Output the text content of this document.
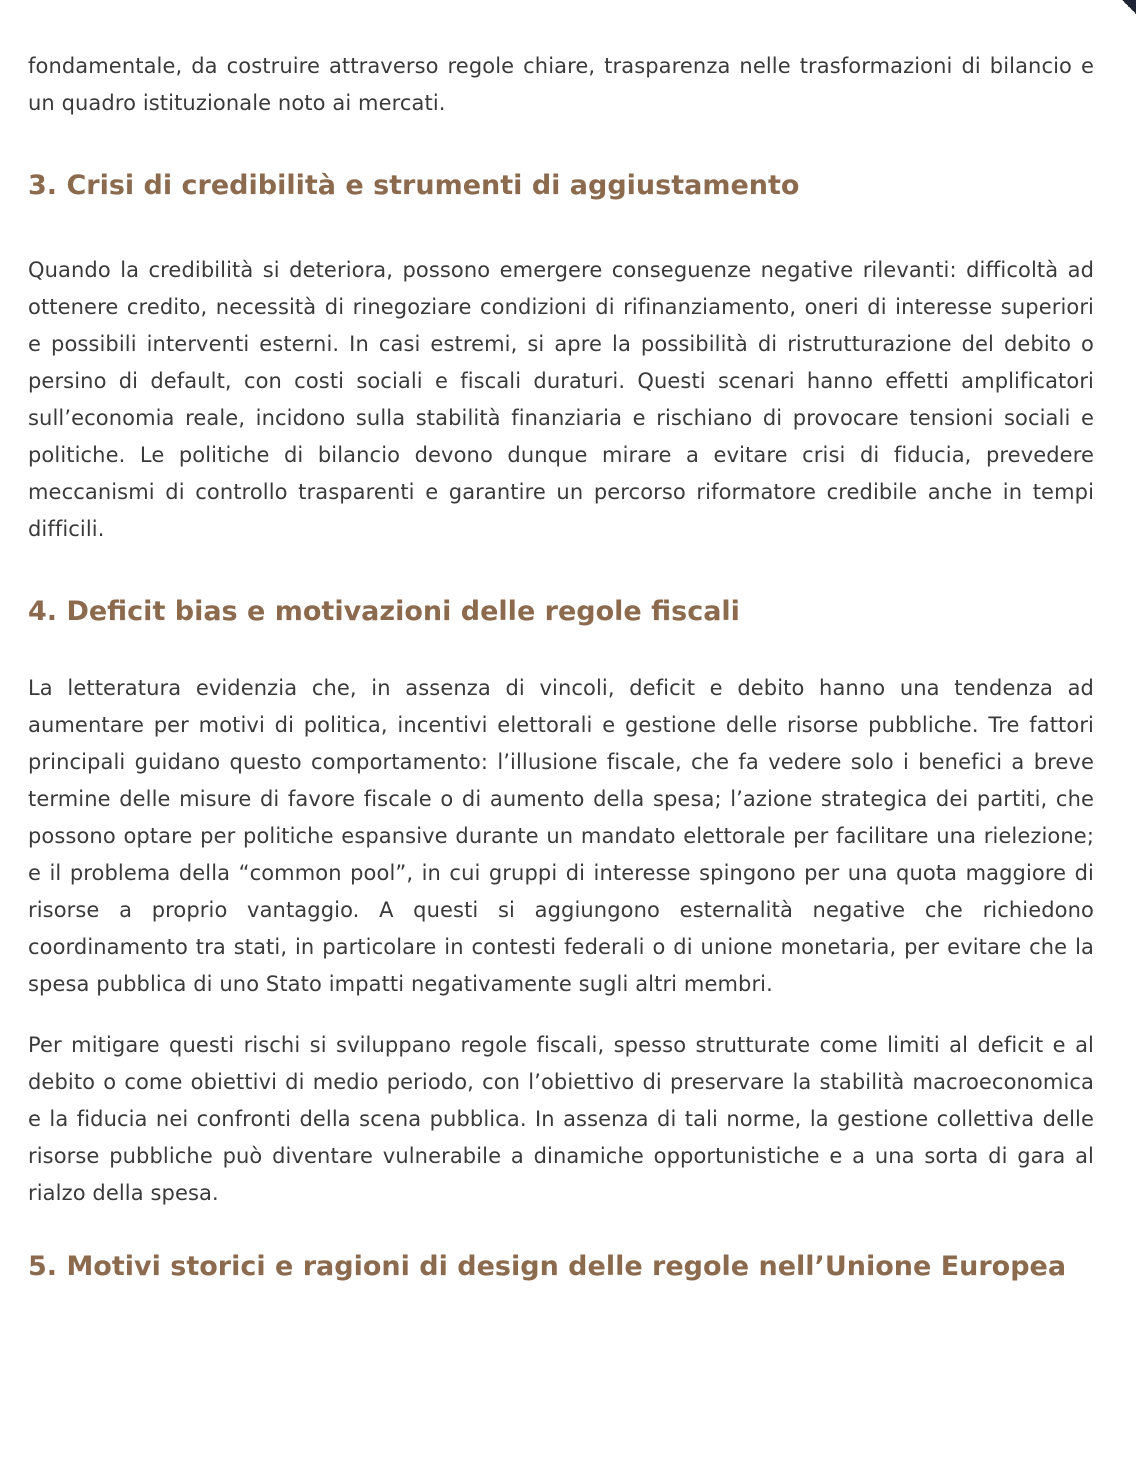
fondamentale, da costruire attraverso regole chiare, trasparenza nelle trasformazioni di bilancio e un quadro istituzionale noto ai mercati.

3. Crisi di credibilità e strumenti di aggiustamento

Quando la credibilità si deteriora, possono emergere conseguenze negative rilevanti: difficoltà ad ottenere credito, necessità di rinegoziare condizioni di rifinanziamento, oneri di interesse superiori e possibili interventi esterni. In casi estremi, si apre la possibilità di ristrutturazione del debito o persino di default, con costi sociali e fiscali duraturi. Questi scenari hanno effetti amplificatori sull’economia reale, incidono sulla stabilità finanziaria e rischiano di provocare tensioni sociali e politiche. Le politiche di bilancio devono dunque mirare a evitare crisi di fiducia, prevedere meccanismi di controllo trasparenti e garantire un percorso riformatore credibile anche in tempi difficili.

4. Deficit bias e motivazioni delle regole fiscali

La letteratura evidenzia che, in assenza di vincoli, deficit e debito hanno una tendenza ad aumentare per motivi di politica, incentivi elettorali e gestione delle risorse pubbliche. Tre fattori principali guidano questo comportamento: l’illusione fiscale, che fa vedere solo i benefici a breve termine delle misure di favore fiscale o di aumento della spesa; l’azione strategica dei partiti, che possono optare per politiche espansive durante un mandato elettorale per facilitare una rielezione; e il problema della “common pool”, in cui gruppi di interesse spingono per una quota maggiore di risorse a proprio vantaggio. A questi si aggiungono esternalità negative che richiedono coordinamento tra stati, in particolare in contesti federali o di unione monetaria, per evitare che la spesa pubblica di uno Stato impatti negativamente sugli altri membri.

Per mitigare questi rischi si sviluppano regole fiscali, spesso strutturate come limiti al deficit e al debito o come obiettivi di medio periodo, con l’obiettivo di preservare la stabilità macroeconomica e la fiducia nei confronti della scena pubblica. In assenza di tali norme, la gestione collettiva delle risorse pubbliche può diventare vulnerabile a dinamiche opportunistiche e a una sorta di gara al rialzo della spesa.

5. Motivi storici e ragioni di design delle regole nell’Unione Europea
